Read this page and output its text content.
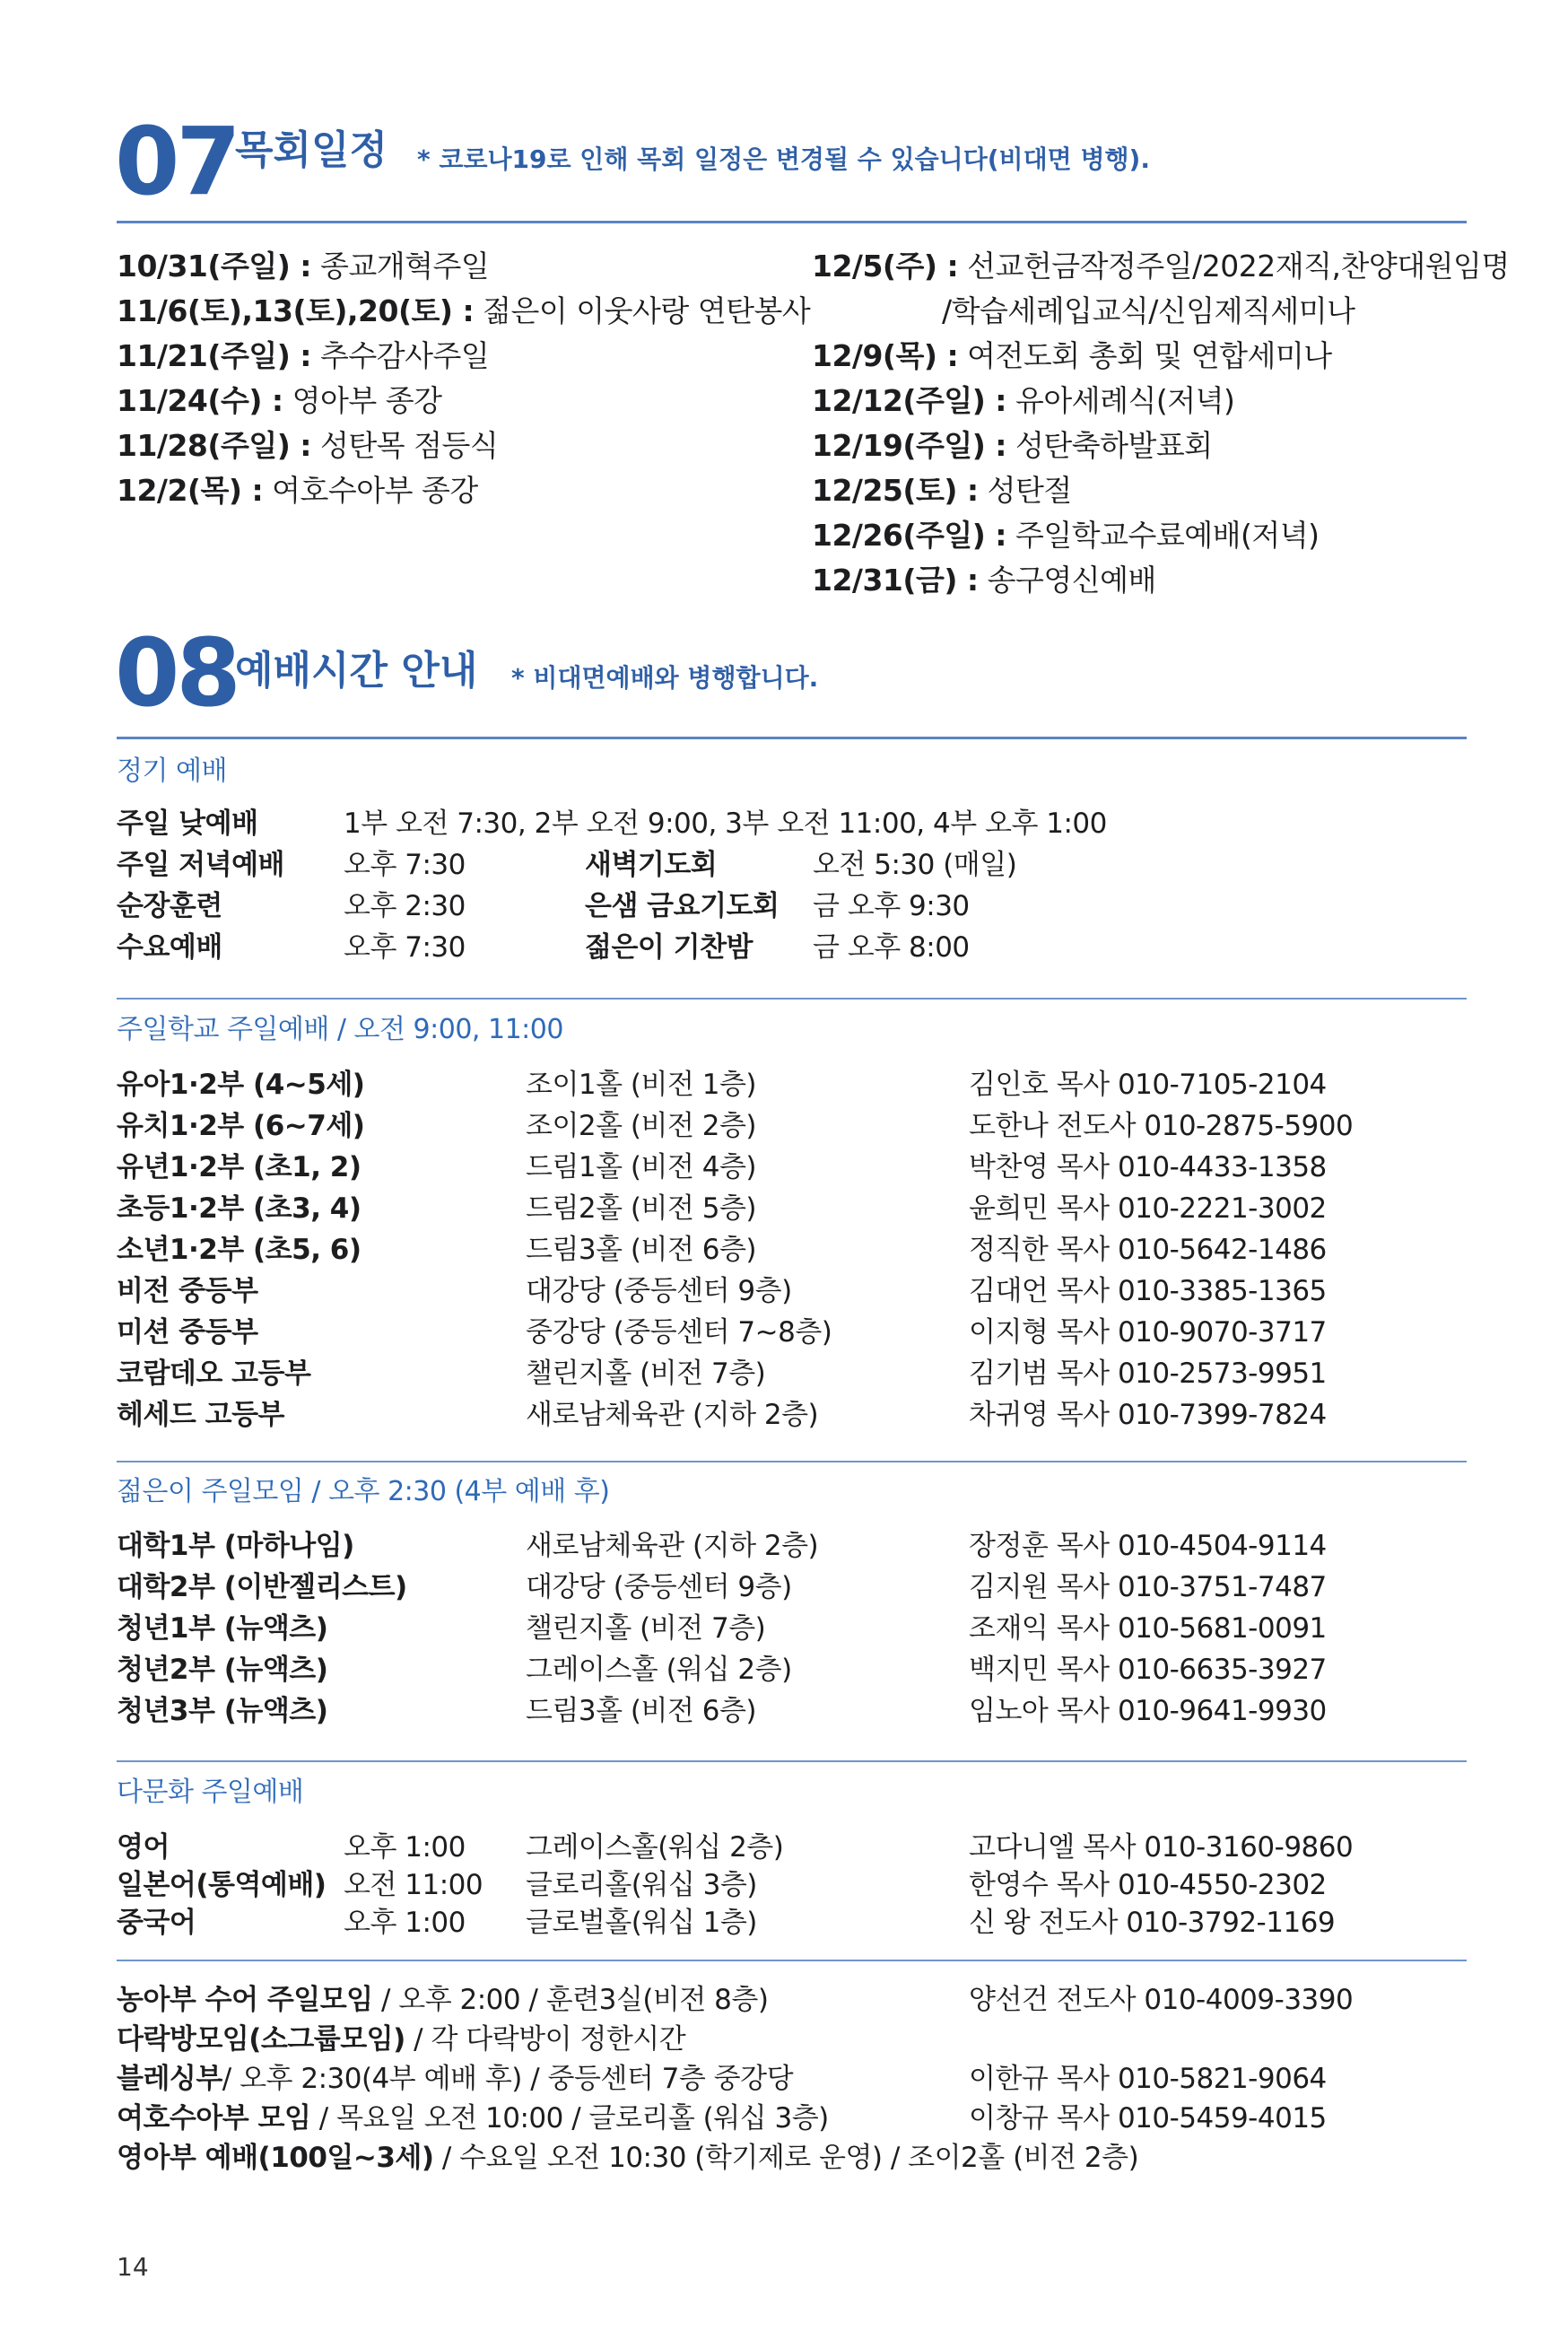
07
목회일정 * 코로나19로 인해 목회 일정은 변경될 수 있습니다(비대면 병행).
10/31(주일) : 종교개혁주일
11/6(토),13(토),20(토) : 젊은이 이웃사랑 연탄봉사
11/21(주일) : 추수감사주일
11/24(수) : 영아부 종강
11/28(주일) : 성탄목 점등식
12/2(목) : 여호수아부 종강
12/5(주) : 선교헌금작정주일/2022재직,찬양대원임명
/학습세례입교식/신임제직세미나
12/9(목) : 여전도회 총회 및 연합세미나
12/12(주일) : 유아세례식(저녁)
12/19(주일) : 성탄축하발표회
12/25(토) : 성탄절
12/26(주일) : 주일학교수료예배(저녁)
12/31(금) : 송구영신예배
08
예배시간 안내 * 비대면예배와 병행합니다.
정기 예배
주일 낮예배	1부 오전 7:30, 2부 오전 9:00, 3부 오전 11:00, 4부 오후 1:00
주일 저녁예배 오후 7:30	새벽기도회	오전 5:30 (매일)
순장훈련	오후 2:30	은샘 금요기도회 금 오후 9:30
수요예배	오후 7:30	젊은이 기찬밤 금 오후 8:00
주일학교 주일예배 / 오전 9:00, 11:00
유아1·2부 (4~5세)	조이1홀 (비전 1층)	김인호 목사 010-7105-2104
유치1·2부 (6~7세)	조이2홀 (비전 2층)	도한나 전도사 010-2875-5900
유년1·2부 (초1, 2)	드림1홀 (비전 4층)	박찬영 목사 010-4433-1358
초등1·2부 (초3, 4)	드림2홀 (비전 5층)	윤희민 목사 010-2221-3002
소년1·2부 (초5, 6)	드림3홀 (비전 6층)	정직한 목사 010-5642-1486
비전 중등부	대강당 (중등센터 9층)	김대언 목사 010-3385-1365
미션 중등부	중강당 (중등센터 7~8층)	이지형 목사 010-9070-3717
코람데오 고등부	챌린지홀 (비전 7층)	김기범 목사 010-2573-9951
헤세드 고등부	새로남체육관 (지하 2층)	차귀영 목사 010-7399-7824
젊은이 주일모임 / 오후 2:30 (4부 예배 후)
대학1부 (마하나임)	새로남체육관 (지하 2층)	장정훈 목사 010-4504-9114
대학2부 (이반젤리스트)	대강당 (중등센터 9층)	김지원 목사 010-3751-7487
청년1부 (뉴액츠)	챌린지홀 (비전 7층)	조재익 목사 010-5681-0091
청년2부 (뉴액츠)	그레이스홀 (워십 2층)	백지민 목사 010-6635-3927
청년3부 (뉴액츠)	드림3홀 (비전 6층)	임노아 목사 010-9641-9930
다문화 주일예배
영어	오후 1:00 그레이스홀(워십 2층)	고다니엘 목사 010-3160-9860
일본어(통역예배) 오전 11:00 글로리홀(워십 3층)	한영수 목사 010-4550-2302
중국어	오후 1:00 글로벌홀(워십 1층)	신 왕 전도사 010-3792-1169
농아부 수어 주일모임 / 오후 2:00 / 훈련3실(비전 8층)	양선건 전도사 010-4009-3390
다락방모임(소그룹모임) / 각 다락방이 정한시간
블레싱부/ 오후 2:30(4부 예배 후) / 중등센터 7층 중강당	이한규 목사 010-5821-9064
여호수아부 모임 / 목요일 오전 10:00 / 글로리홀 (워십 3층)	이창규 목사 010-5459-4015
영아부 예배(100일~3세) / 수요일 오전 10:30 (학기제로 운영) / 조이2홀 (비전 2층)
14
